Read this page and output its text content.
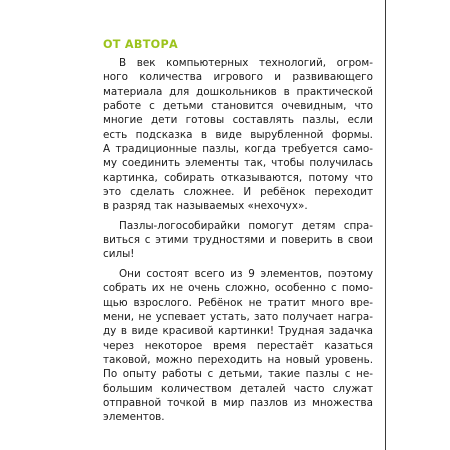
ОТ АВТОРА
В век компьютерных технологий, огром-
ного количества игрового и развивающего
материала для дошкольников в практической
работе с детьми становится очевидным, что
многие дети готовы составлять пазлы, если
есть подсказка в виде вырубленной формы.
А традиционные пазлы, когда требуется само-
му соединить элементы так, чтобы получилась
картинка, собирать отказываются, потому что
это сделать сложнее. И ребёнок переходит
в разряд так называемых «нехочух».
Пазлы-логособирайки помогут детям спра-
виться с этими трудностями и поверить в свои
силы!
Они состоят всего из 9 элементов, поэтому
собрать их не очень сложно, особенно с помо-
щью взрослого. Ребёнок не тратит много вре-
мени, не успевает устать, зато получает награ-
ду в виде красивой картинки! Трудная задачка
через некоторое время перестаёт казаться
таковой, можно переходить на новый уровень.
По опыту работы с детьми, такие пазлы с не-
большим количеством деталей часто служат
отправной точкой в мир пазлов из множества
элементов.
